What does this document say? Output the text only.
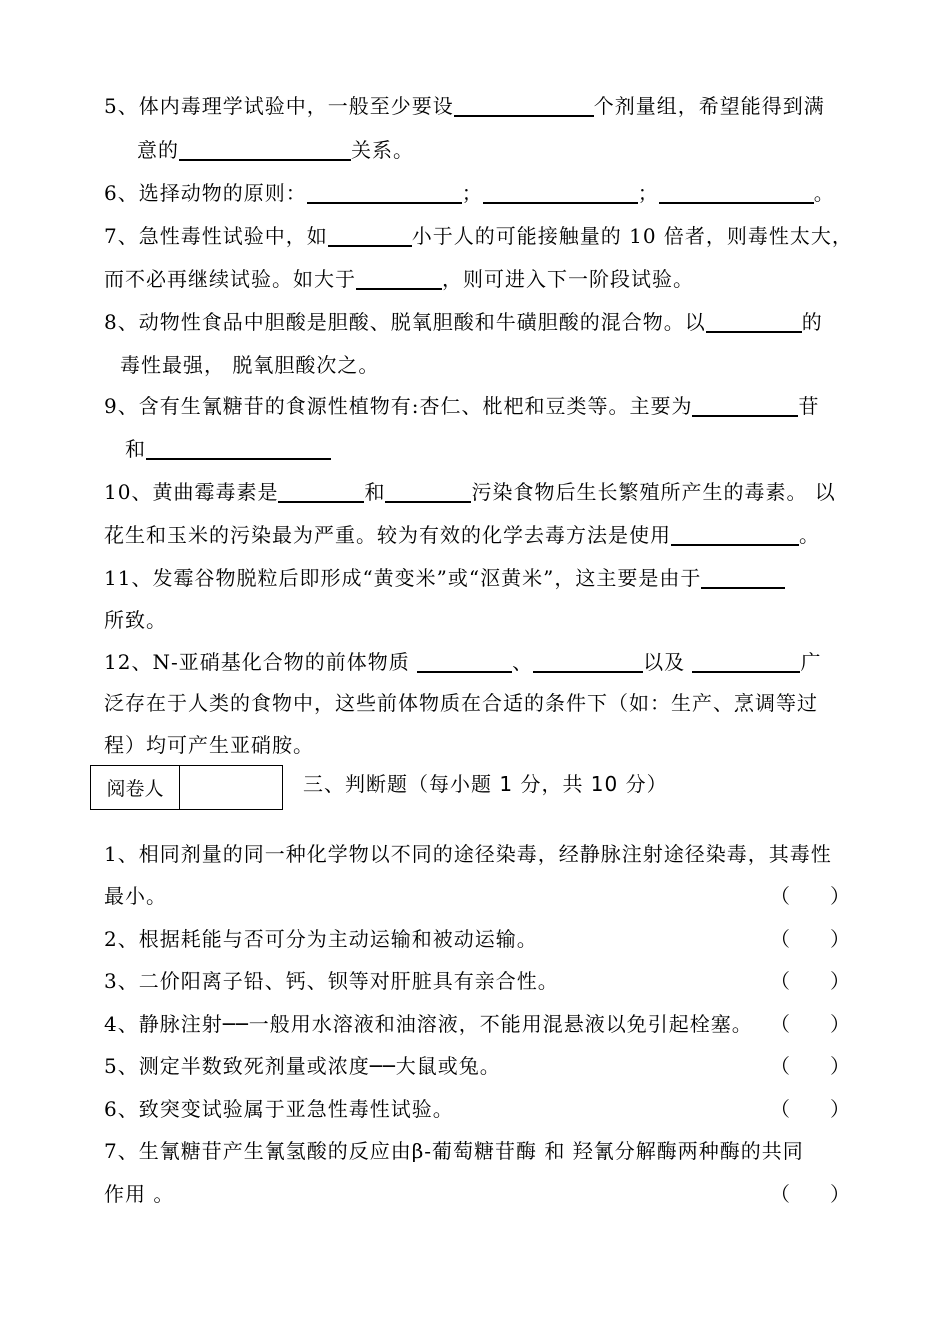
5、体内毒理学试验中，一般至少要设	个剂量组，希望能得到满
意的	关系。
6、选择动物的原则：	；	；	。
7、急性毒性试验中，如	小于人的可能接触量的 10 倍者，则毒性太大，
而不必再继续试验。如大于	，则可进入下一阶段试验。
8、动物性食品中胆酸是胆酸、脱氧胆酸和牛磺胆酸的混合物。以	的
毒性最强， 脱氧胆酸次之。
9、含有生氰糖苷的食源性植物有:杏仁、枇杷和豆类等。主要为	苷
和
10、黄曲霉毒素是	和	污染食物后生长繁殖所产生的毒素。 以
花生和玉米的污染最为严重。较为有效的化学去毒方法是使用	。
11、发霉谷物脱粒后即形成“黄变米”或“沤黄米”，这主要是由于
所致。
12、N-亚硝基化合物的前体物质	、	以及	广
泛存在于人类的食物中，这些前体物质在合适的条件下（如：生产、烹调等过
程）均可产生亚硝胺。
阅卷人	三、判断题（每小题 1 分，共 10 分）
1、相同剂量的同一种化学物以不同的途径染毒，经静脉注射途径染毒，其毒性
最小。	（ ）
2、根据耗能与否可分为主动运输和被动运输。	（ ）
3、二价阳离子铅、钙、钡等对肝脏具有亲合性。	（ ）
4、静脉注射──一般用水溶液和油溶液，不能用混悬液以免引起栓塞。 （ ）
5、测定半数致死剂量或浓度──大鼠或兔。	（ ）
6、致突变试验属于亚急性毒性试验。	（ ）
7、生氰糖苷产生氰氢酸的反应由β-葡萄糖苷酶 和 羟氰分解酶两种酶的共同
作用 。	（ ）
